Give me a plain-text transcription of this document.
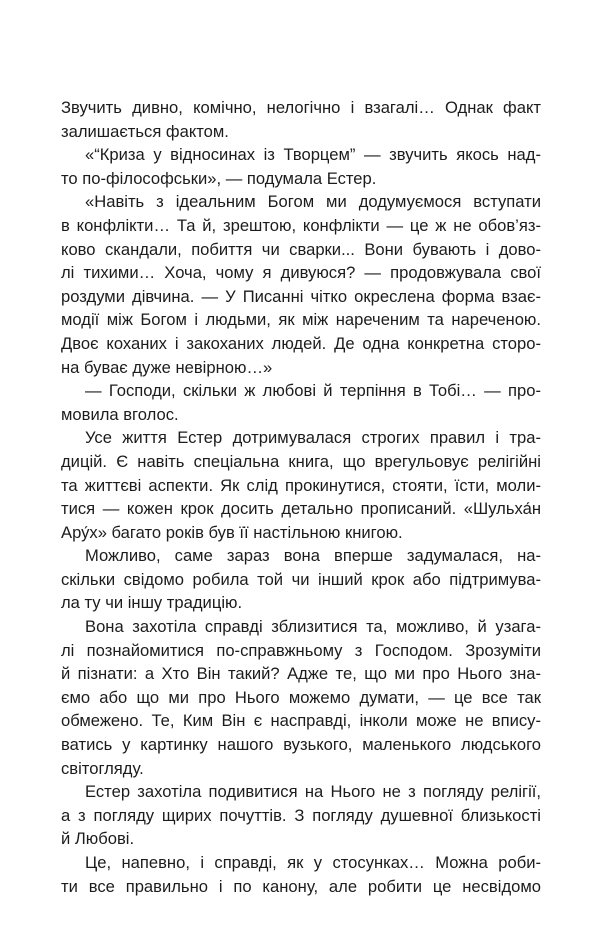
Звучить дивно, комічно, нелогічно і взагалі… Однак факт
залишається фактом.
«“Криза у відносинах із Творцем” — звучить якось над-
то по-філософськи», — подумала Естер.
«Навіть з ідеальним Богом ми додумуємося вступати
в конфлікти… Та й, зрештою, конфлікти — це ж не обов’яз-
ково скандали, побиття чи сварки... Вони бувають і дово-
лі тихими… Хоча, чому я дивуюся? — продовжувала свої
роздуми дівчина. — У Писанні чітко окреслена форма взає-
модії між Богом і людьми, як між нареченим та нареченою.
Двоє коханих і закоханих людей. Де одна конкретна сторо-
на буває дуже невірною…»
— Господи, скільки ж любові й терпіння в Тобі… — про-
мовила вголос.
Усе життя Естер дотримувалася строгих правил і тра-
дицій. Є навіть спеціальна книга, що врегульовує релігійні
та життєві аспекти. Як слід прокинутися, стояти, їсти, моли-
тися — кожен крок досить детально прописаний. «Шульха́н
Ару́х» багато років був її настільною книгою.
Можливо, саме зараз вона вперше задумалася, на-
скільки свідомо робила той чи інший крок або підтримува-
ла ту чи іншу традицію.
Вона захотіла справді зблизитися та, можливо, й узага-
лі познайомитися по-справжньому з Господом. Зрозуміти
й пізнати: а Хто Він такий? Адже те, що ми про Нього зна-
ємо або що ми про Нього можемо думати, — це все так
обмежено. Те, Ким Він є насправді, інколи може не впису-
ватись у картинку нашого вузького, маленького людського
світогляду.
Естер захотіла подивитися на Нього не з погляду релігії,
а з погляду щирих почуттів. З погляду душевної близькості
й Любові.
Це, напевно, і справді, як у стосунках… Можна роби-
ти все правильно і по канону, але робити це несвідомо
